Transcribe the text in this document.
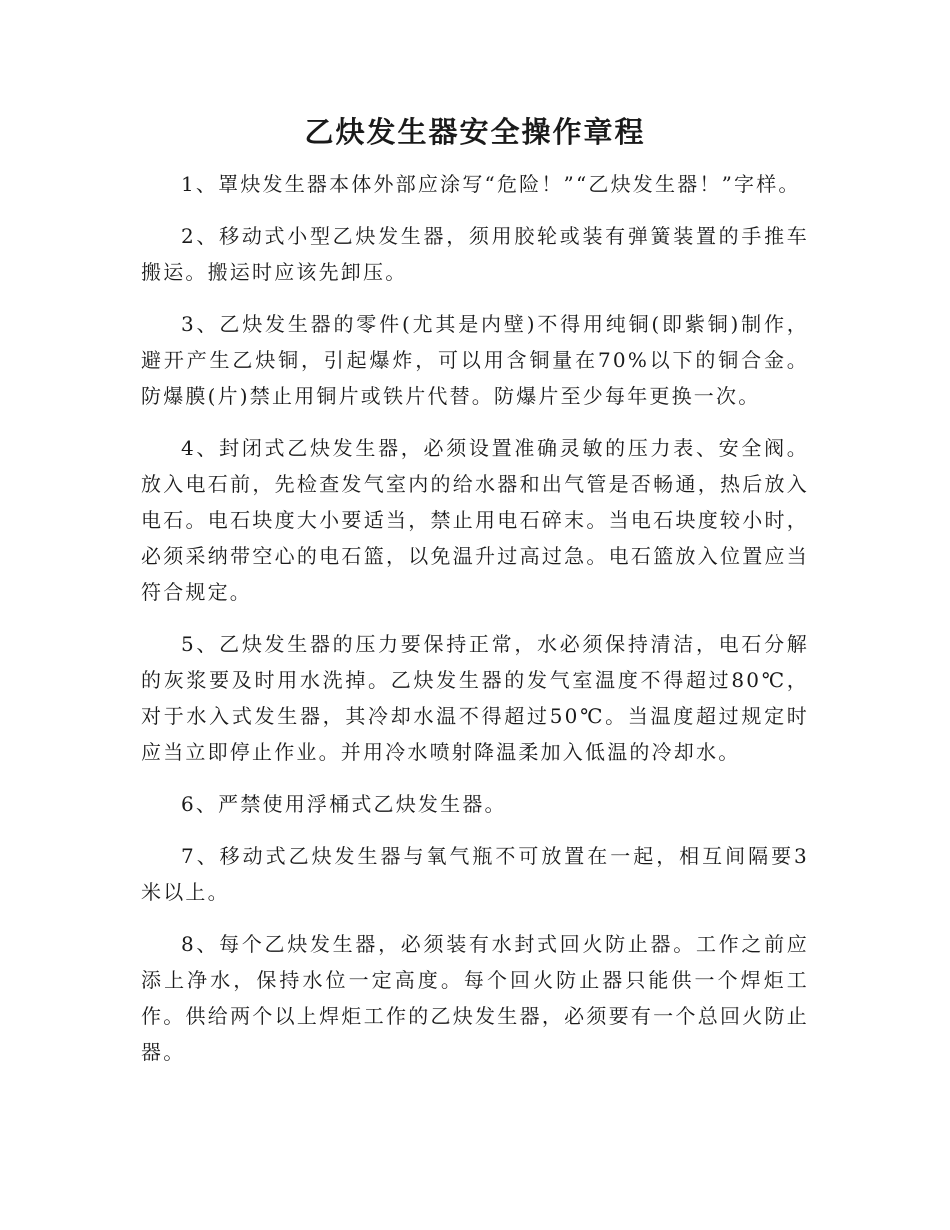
乙炔发生器安全操作章程

1、罩炔发生器本体外部应涂写“危险！”“乙炔发生器！”字样。

2、移动式小型乙炔发生器，须用胶轮或装有弹簧装置的手推车搬运。搬运时应该先卸压。

3、乙炔发生器的零件(尤其是内壁)不得用纯铜(即紫铜)制作，避开产生乙炔铜，引起爆炸，可以用含铜量在70%以下的铜合金。防爆膜(片)禁止用铜片或铁片代替。防爆片至少每年更换一次。

4、封闭式乙炔发生器，必须设置准确灵敏的压力表、安全阀。放入电石前，先检查发气室内的给水器和出气管是否畅通，热后放入电石。电石块度大小要适当，禁止用电石碎末。当电石块度较小时，必须采纳带空心的电石篮，以免温升过高过急。电石篮放入位置应当符合规定。

5、乙炔发生器的压力要保持正常，水必须保持清洁，电石分解的灰浆要及时用水洗掉。乙炔发生器的发气室温度不得超过80℃，对于水入式发生器，其冷却水温不得超过50℃。当温度超过规定时应当立即停止作业。并用冷水喷射降温柔加入低温的冷却水。

6、严禁使用浮桶式乙炔发生器。

7、移动式乙炔发生器与氧气瓶不可放置在一起，相互间隔要3米以上。

8、每个乙炔发生器，必须装有水封式回火防止器。工作之前应添上净水，保持水位一定高度。每个回火防止器只能供一个焊炬工作。供给两个以上焊炬工作的乙炔发生器，必须要有一个总回火防止器。
